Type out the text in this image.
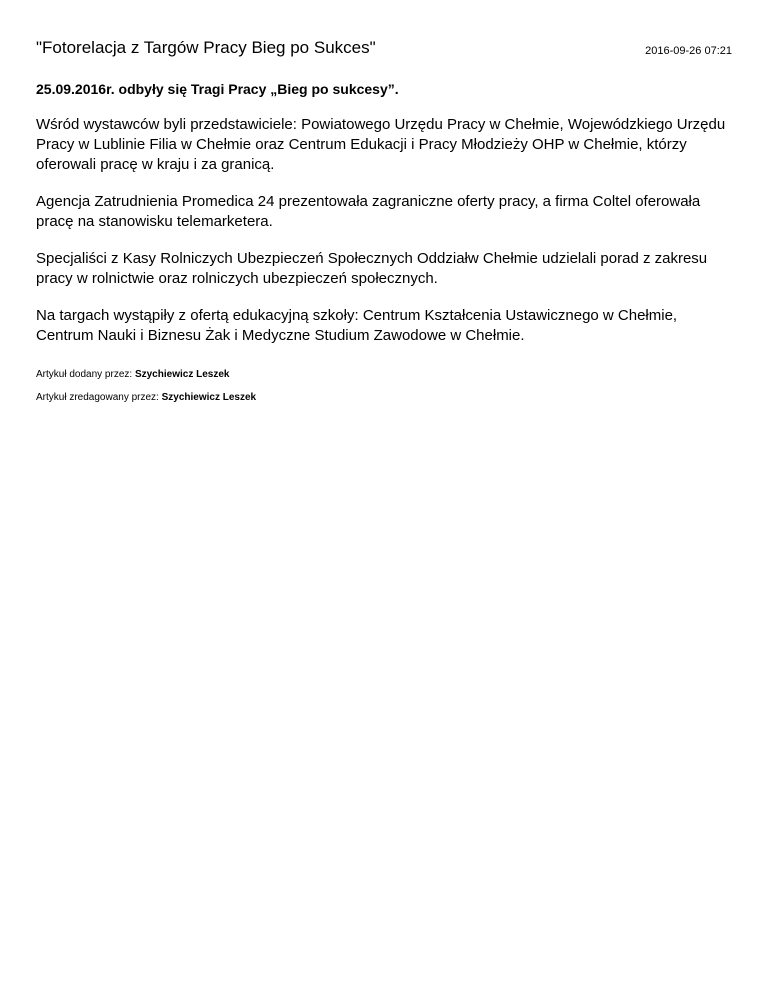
"Fotorelacja z Targów Pracy Bieg po Sukces"	2016-09-26 07:21

25.09.2016r. odbyły się Tragi Pracy „Bieg po sukcesy”.

Wśród wystawców byli przedstawiciele: Powiatowego Urzędu Pracy w Chełmie, Wojewódzkiego Urzędu Pracy w Lublinie Filia w Chełmie oraz Centrum Edukacji i Pracy Młodzieży OHP w Chełmie, którzy oferowali pracę w kraju i za granicą.

Agencja Zatrudnienia Promedica 24 prezentowała zagraniczne oferty pracy, a firma Coltel oferowała pracę na stanowisku telemarketera.

Specjaliści z Kasy Rolniczych Ubezpieczeń Społecznych Oddziałw Chełmie udzielali porad z zakresu pracy w rolnictwie oraz rolniczych ubezpieczeń społecznych.

Na targach wystąpiły z ofertą edukacyjną szkoły: Centrum Kształcenia Ustawicznego w Chełmie, Centrum Nauki i Biznesu Żak i Medyczne Studium Zawodowe w Chełmie.

Artykuł dodany przez: Szychiewicz Leszek
Artykuł zredagowany przez: Szychiewicz Leszek
